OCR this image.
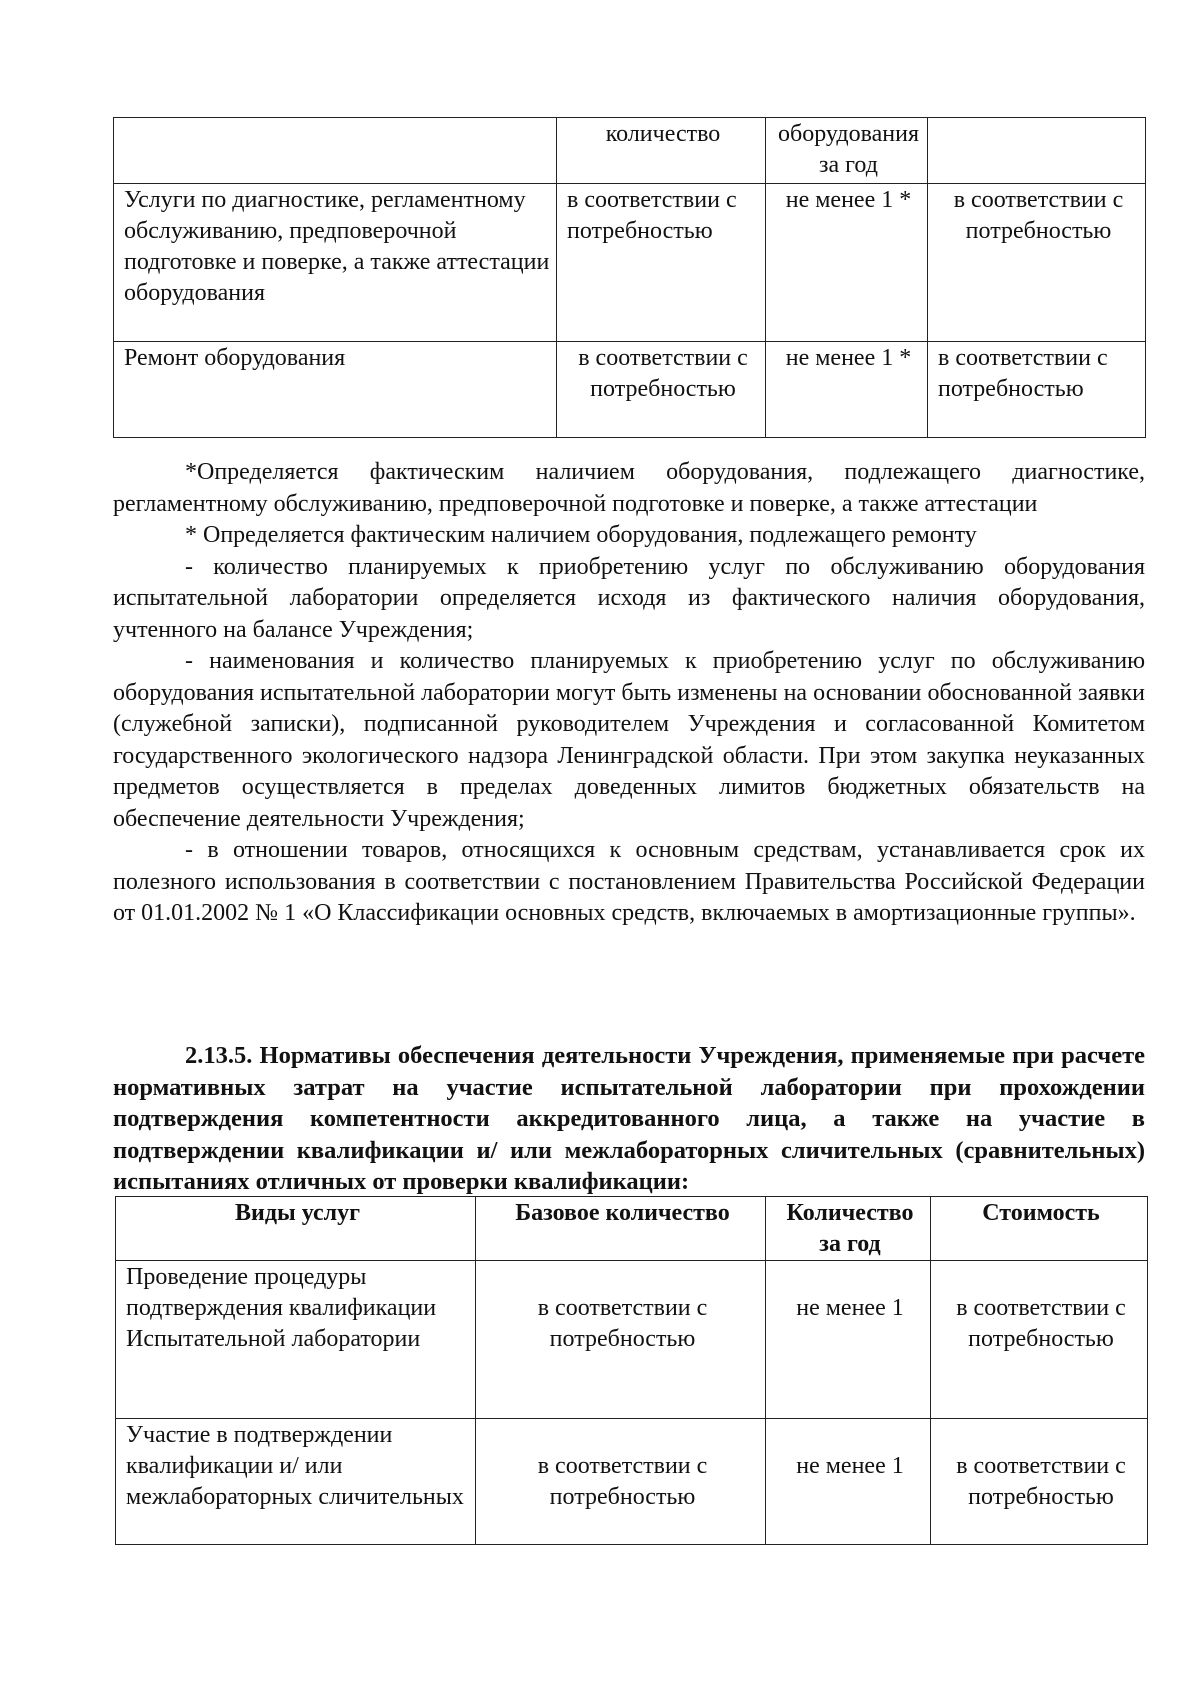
	количество	оборудования за год	
Услуги по диагностике, регламентному обслуживанию, предповерочной подготовке и поверке, а также аттестации оборудования	в соответствии с потребностью	не менее 1 *	в соответствии с потребностью
Ремонт оборудования	в соответствии с потребностью	не менее 1 *	в соответствии с потребностью
*Определяется фактическим наличием оборудования, подлежащего диагностике, регламентному обслуживанию, предповерочной подготовке и поверке, а также аттестации
* Определяется фактическим наличием оборудования, подлежащего ремонту
- количество планируемых к приобретению услуг по обслуживанию оборудования испытательной лаборатории определяется исходя из фактического наличия оборудования, учтенного на балансе Учреждения;
- наименования и количество планируемых к приобретению услуг по обслуживанию оборудования испытательной лаборатории могут быть изменены на основании обоснованной заявки (служебной записки), подписанной руководителем Учреждения и согласованной Комитетом государственного экологического надзора Ленинградской области. При этом закупка неуказанных предметов осуществляется в пределах доведенных лимитов бюджетных обязательств на обеспечение деятельности Учреждения;
- в отношении товаров, относящихся к основным средствам, устанавливается срок их полезного использования в соответствии с постановлением Правительства Российской Федерации от 01.01.2002 № 1 «О Классификации основных средств, включаемых в амортизационные группы».
2.13.5. Нормативы обеспечения деятельности Учреждения, применяемые при расчете нормативных затрат на участие испытательной лаборатории при прохождении подтверждения компетентности аккредитованного лица, а также на участие в подтверждении квалификации и/ или межлабораторных сличительных (сравнительных) испытаниях отличных от проверки квалификации:
Виды услуг	Базовое количество	Количество за год	Стоимость
Проведение процедуры подтверждения квалификации Испытательной лаборатории	в соответствии с потребностью	не менее 1	в соответствии с потребностью
Участие в подтверждении квалификации и/ или межлабораторных сличительных	в соответствии с потребностью	не менее 1	в соответствии с потребностью
